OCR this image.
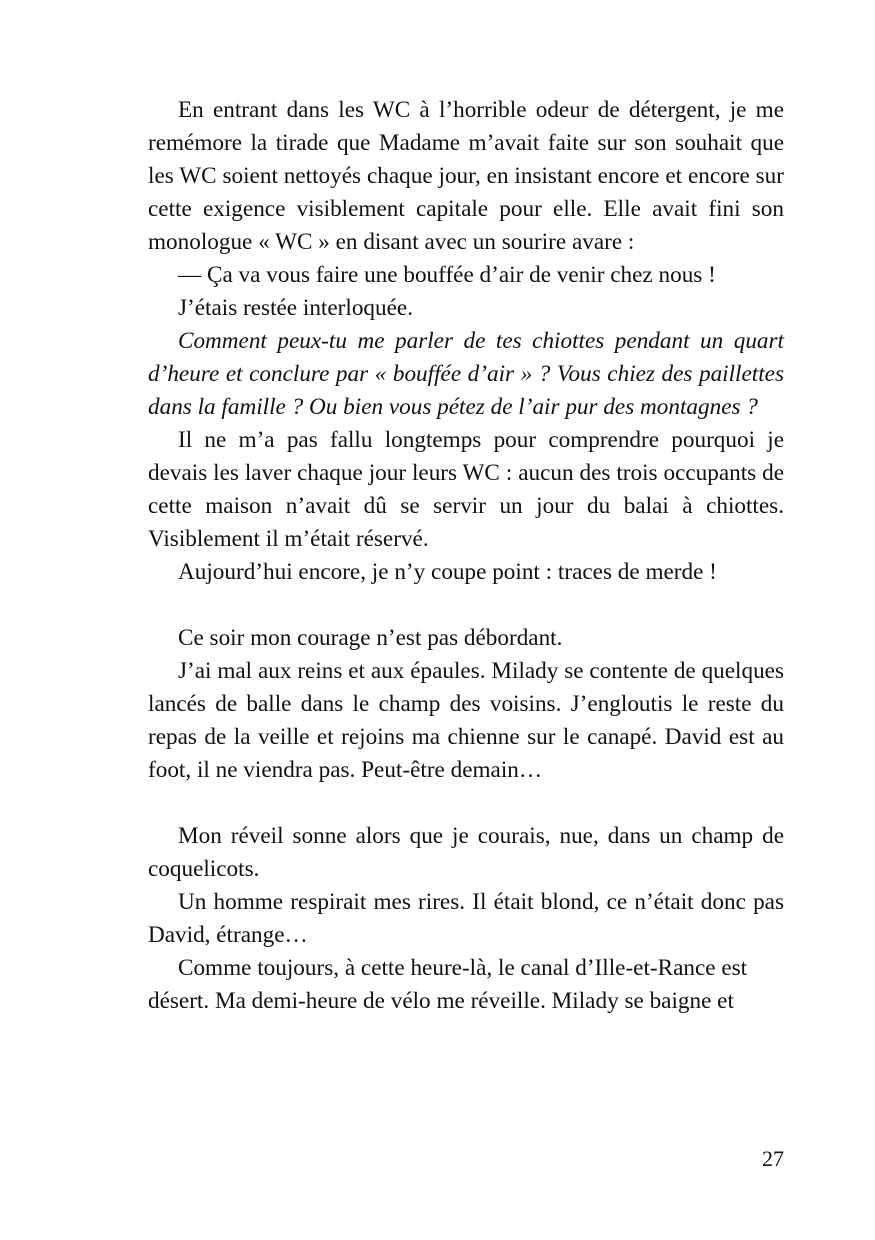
En entrant dans les WC à l’horrible odeur de détergent, je me remémore la tirade que Madame m’avait faite sur son souhait que les WC soient nettoyés chaque jour, en insistant encore et encore sur cette exigence visiblement capitale pour elle. Elle avait fini son monologue « WC » en disant avec un sourire avare :

— Ça va vous faire une bouffée d’air de venir chez nous !

J’étais restée interloquée.

Comment peux-tu me parler de tes chiottes pendant un quart d’heure et conclure par « bouffée d’air » ? Vous chiez des paillettes dans la famille ? Ou bien vous pétez de l’air pur des montagnes ?

Il ne m’a pas fallu longtemps pour comprendre pourquoi je devais les laver chaque jour leurs WC : aucun des trois occupants de cette maison n’avait dû se servir un jour du balai à chiottes. Visiblement il m’était réservé.

Aujourd’hui encore, je n’y coupe point : traces de merde !

Ce soir mon courage n’est pas débordant.

J’ai mal aux reins et aux épaules. Milady se contente de quelques lancés de balle dans le champ des voisins. J’engloutis le reste du repas de la veille et rejoins ma chienne sur le canapé. David est au foot, il ne viendra pas. Peut-être demain…

Mon réveil sonne alors que je courais, nue, dans un champ de coquelicots.

Un homme respirait mes rires. Il était blond, ce n’était donc pas David, étrange…

Comme toujours, à cette heure-là, le canal d’Ille-et-Rance est désert. Ma demi-heure de vélo me réveille. Milady se baigne et

27
